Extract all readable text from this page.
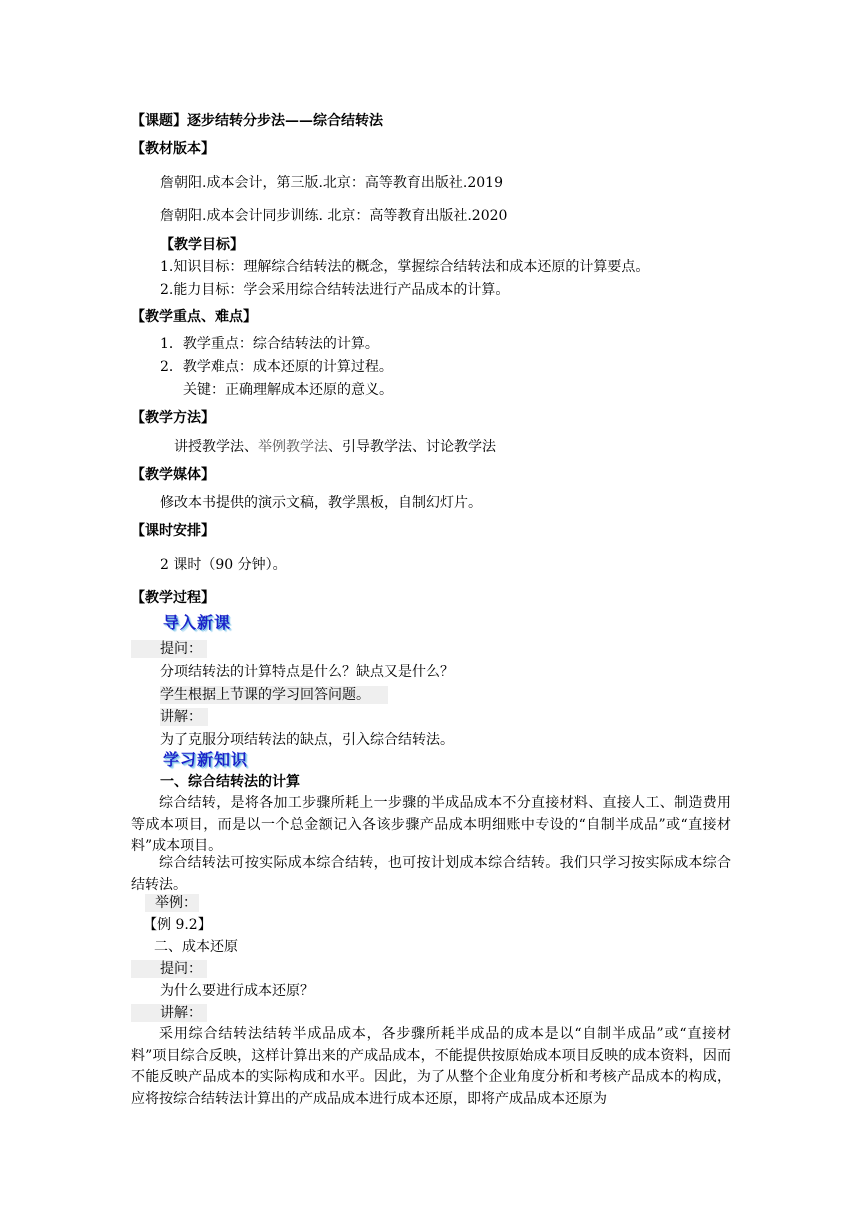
【课题】逐步结转分步法——综合结转法
【教材版本】
詹朝阳.成本会计，第三版.北京：高等教育出版社.2019
詹朝阳.成本会计同步训练. 北京：高等教育出版社.2020
【教学目标】
1.知识目标：理解综合结转法的概念，掌握综合结转法和成本还原的计算要点。
2.能力目标：学会采用综合结转法进行产品成本的计算。
【教学重点、难点】
1．教学重点：综合结转法的计算。
2．教学难点：成本还原的计算过程。
关键：正确理解成本还原的意义。
【教学方法】
讲授教学法、举例教学法、引导教学法、讨论教学法
【教学媒体】
修改本书提供的演示文稿，教学黑板，自制幻灯片。
【课时安排】
2 课时（90 分钟）。
【教学过程】
导入新课
提问：
分项结转法的计算特点是什么？缺点又是什么？
学生根据上节课的学习回答问题。
讲解：
为了克服分项结转法的缺点，引入综合结转法。
学习新知识
一、综合结转法的计算

综合结转，是将各加工步骤所耗上一步骤的半成品成本不分直接材料、直接人工、制造费用等成本项目，而是以一个总金额记入各该步骤产品成本明细账中专设的“自制半成品”或“直接材料”成本项目。

综合结转法可按实际成本综合结转，也可按计划成本综合结转。我们只学习按实际成本综合结转法。

举例：
【例 9.2】
二、成本还原
提问：
为什么要进行成本还原？
讲解：

采用综合结转法结转半成品成本，各步骤所耗半成品的成本是以“自制半成品”或“直接材料”项目综合反映，这样计算出来的产成品成本，不能提供按原始成本项目反映的成本资料，因而不能反映产品成本的实际构成和水平。因此，为了从整个企业角度分析和考核产品成本的构成，应将按综合结转法计算出的产成品成本进行成本还原，即将产成品成本还原为
